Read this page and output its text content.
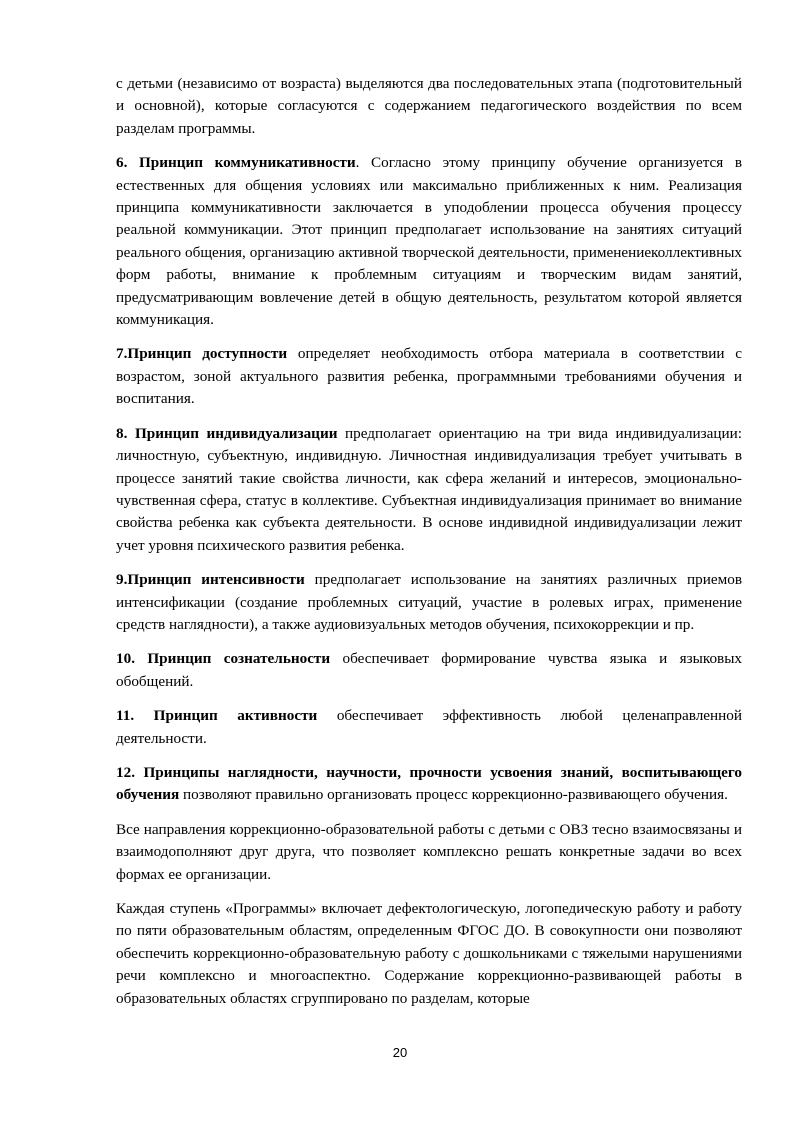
с детьми (независимо от возраста) выделяются два последовательных этапа (подготовительный и основной), которые согласуются с содержанием педагогического воздействия по всем разделам программы.

6. Принцип коммуникативности. Согласно этому принципу обучение организуется в естественных для общения условиях или максимально приближенных к ним. Реализация принципа коммуникативности заключается в уподоблении процесса обучения процессу реальной коммуникации. Этот принцип предполагает использование на занятиях ситуаций реального общения, организацию активной творческой деятельности, применениеколлективных форм работы, внимание к проблемным ситуациям и творческим видам занятий, предусматривающим вовлечение детей в общую деятельность, результатом которой является коммуникация.

7.Принцип доступности определяет необходимость отбора материала в соответствии с возрастом, зоной актуального развития ребенка, программными требованиями обучения и воспитания.

8. Принцип индивидуализации предполагает ориентацию на три вида индивидуализации: личностную, субъектную, индивидную. Личностная индивидуализация требует учитывать в процессе занятий такие свойства личности, как сфера желаний и интересов, эмоционально-чувственная сфера, статус в коллективе. Субъектная индивидуализация принимает во внимание свойства ребенка как субъекта деятельности. В основе индивидной индивидуализации лежит учет уровня психического развития ребенка.

9.Принцип интенсивности предполагает использование на занятиях различных приемов интенсификации (создание проблемных ситуаций, участие в ролевых играх, применение средств наглядности), а также аудиовизуальных методов обучения, психокоррекции и пр.

10. Принцип сознательности обеспечивает формирование чувства языка и языковых обобщений.

11. Принцип активности обеспечивает эффективность любой целенаправленной деятельности.

12. Принципы наглядности, научности, прочности усвоения знаний, воспитывающего обучения позволяют правильно организовать процесс коррекционно-развивающего обучения.

Все направления коррекционно-образовательной работы с детьми с ОВЗ тесно взаимосвязаны и взаимодополняют друг друга, что позволяет комплексно решать конкретные задачи во всех формах ее организации.

Каждая ступень «Программы» включает дефектологическую, логопедическую работу и работу по пяти образовательным областям, определенным ФГОС ДО. В совокупности они позволяют обеспечить коррекционно-образовательную работу с дошкольниками с тяжелыми нарушениями речи комплексно и многоаспектно. Содержание коррекционно-развивающей работы в образовательных областях сгруппировано по разделам, которые

20
